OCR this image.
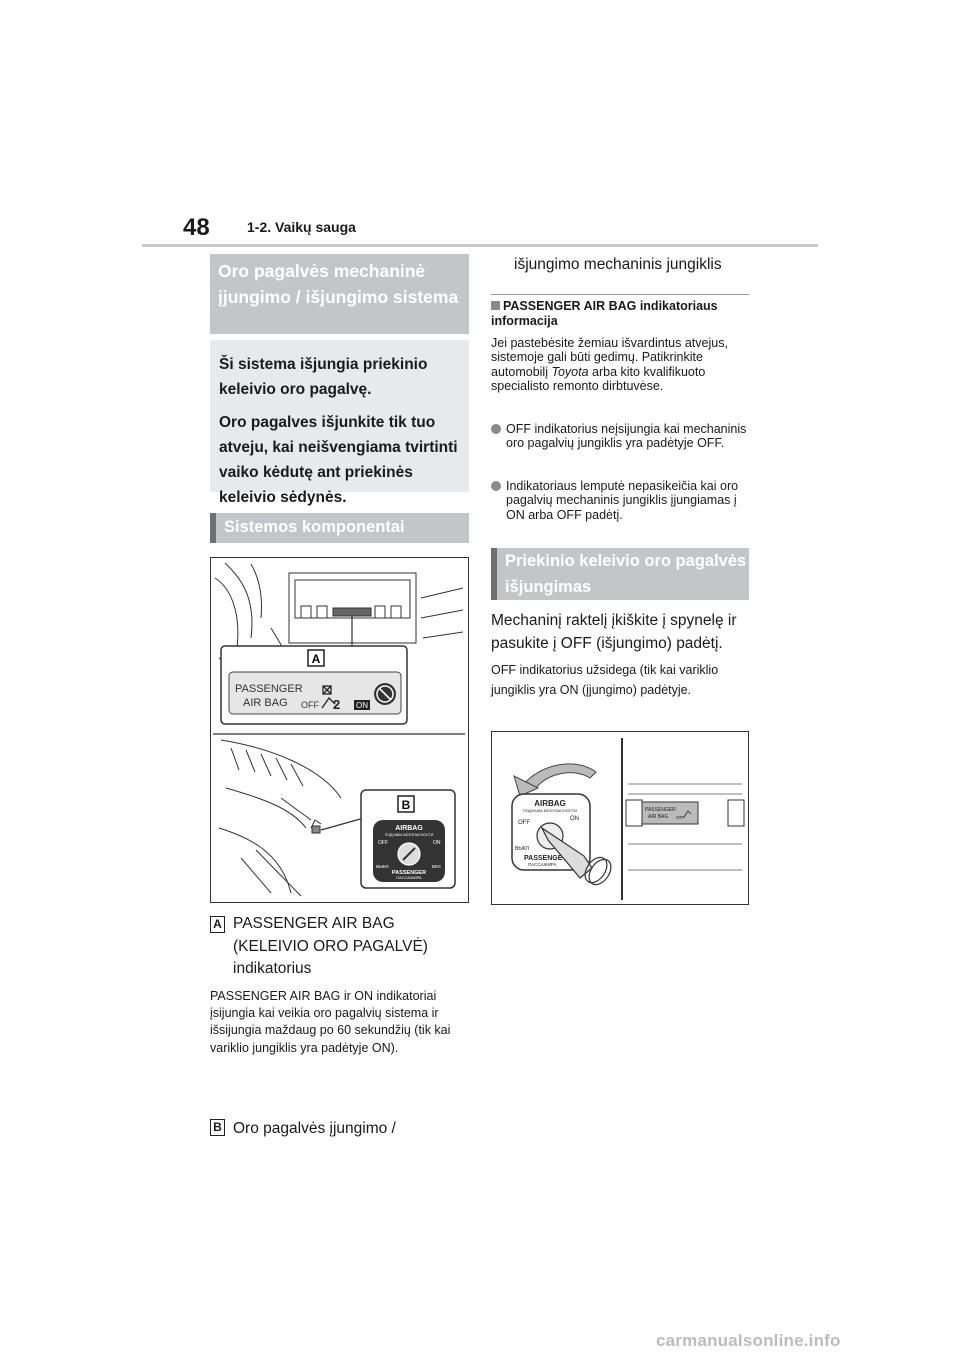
48	1-2. Vaikų sauga
Oro pagalvės mechaninė įjungimo / išjungimo sistema

Ši sistema išjungia priekinio keleivio oro pagalvę.

Oro pagalves išjunkite tik tuo atveju, kai neišvengiama tvirtinti vaiko kėdutę ant priekinės keleivio sėdynės.

Sistemos komponentai
A
PASSENGER
AIR BAG OFF 2 ON
B
AIRBAG
ПОДУШКА БЕЗОПАСНОСТИ
OFF	ON
ВЫКЛ	ВКЛ
PASSENGER
ПАССАЖИРА
A PASSENGER AIR BAG (KELEIVIO ORO PAGALVĖ) indikatorius
PASSENGER AIR BAG ir ON indikatoriai įsijungia kai veikia oro pagalvių sistema ir išsijungia maždaug po 60 sekundžių (tik kai variklio jungiklis yra padėtyje ON).
B Oro pagalvės įjungimo /
išjungimo mechaninis jungiklis
PASSENGER AIR BAG indikatoriaus informacija
Jei pastebėsite žemiau išvardintus atvejus, sistemoje gali būti gedimų. Patikrinkite automobilį Toyota arba kito kvalifikuoto specialisto remonto dirbtuvėse.
OFF indikatorius neįsijungia kai mechaninis oro pagalvių jungiklis yra padėtyje OFF.
Indikatoriaus lemputė nepasikeičia kai oro pagalvių mechaninis jungiklis įjungiamas į ON arba OFF padėtį.
Priekinio keleivio oro pagalvės išjungimas
Mechaninį raktelį įkiškite į spynelę ir pasukite į OFF (išjungimo) padėtį.
OFF indikatorius užsidega (tik kai variklio jungiklis yra ON (įjungimo) padėtyje.
AIRBAG
ПОДУШКА БЕЗОПАСНОСТИ
OFF
ON
ВЫКЛ
PASSENGE
ПАССАЖИРА
PASSENGER
AIR BAG OFF
carmanualsonline.info
